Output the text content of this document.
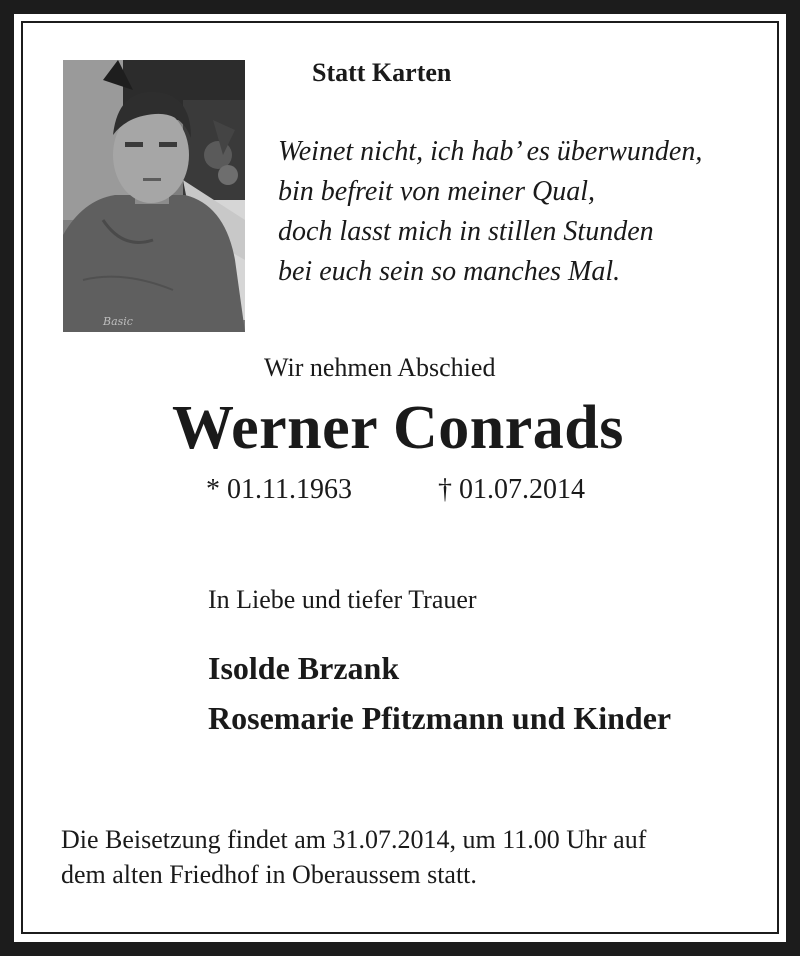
Basic
Statt Karten

Weinet nicht, ich hab’ es überwunden,
bin befreit von meiner Qual,
doch lasst mich in stillen Stunden
bei euch sein so manches Mal.

Wir nehmen Abschied
Werner Conrads
* 01.11.1963	† 01.07.2014
In Liebe und tiefer Trauer

Isolde Brzank
Rosemarie Pfitzmann und Kinder

Die Beisetzung findet am 31.07.2014, um 11.00 Uhr auf
dem alten Friedhof in Oberaussem statt.
